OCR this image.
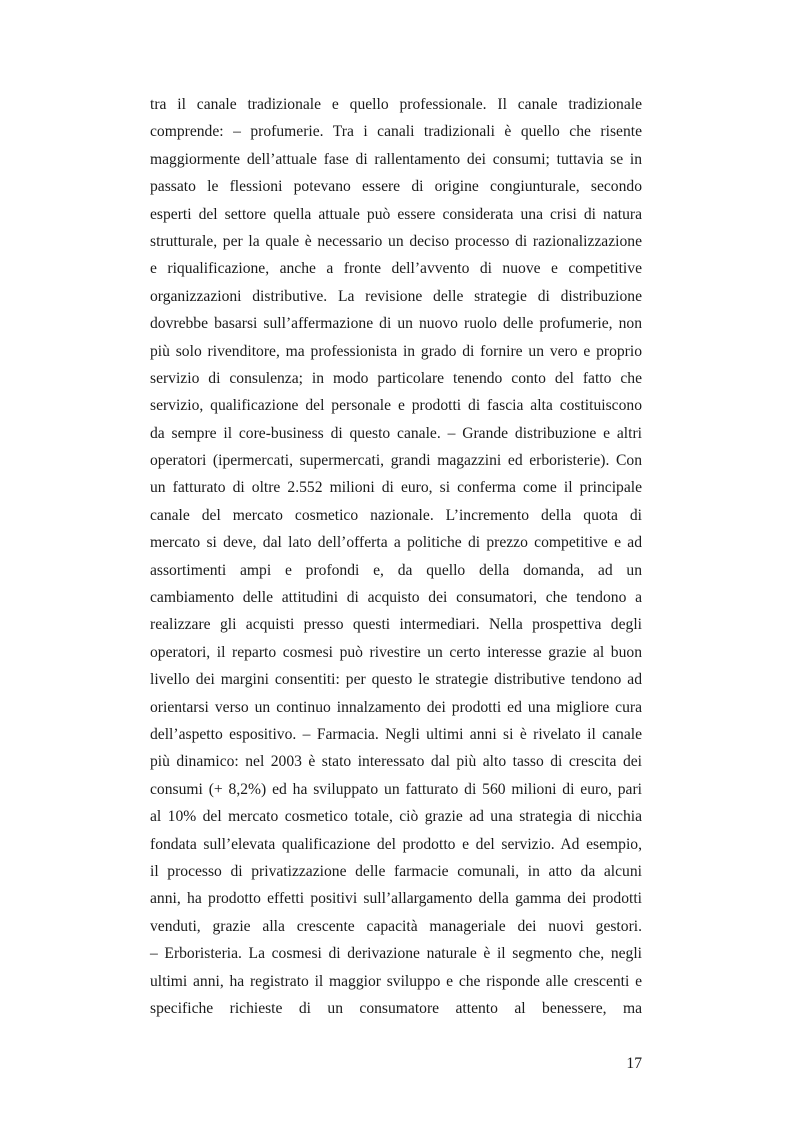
tra il canale tradizionale e quello professionale. Il canale tradizionale
comprende: – profumerie. Tra i canali tradizionali è quello che risente
maggiormente dell’attuale fase di rallentamento dei consumi; tuttavia se in
passato le flessioni potevano essere di origine congiunturale, secondo
esperti del settore quella attuale può essere considerata una crisi di natura
strutturale, per la quale è necessario un deciso processo di razionalizzazione
e riqualificazione, anche a fronte dell’avvento di nuove e competitive
organizzazioni distributive. La revisione delle strategie di distribuzione
dovrebbe basarsi sull’affermazione di un nuovo ruolo delle profumerie, non
più solo rivenditore, ma professionista in grado di fornire un vero e proprio
servizio di consulenza; in modo particolare tenendo conto del fatto che
servizio, qualificazione del personale e prodotti di fascia alta costituiscono
da sempre il core-business di questo canale. – Grande distribuzione e altri
operatori (ipermercati, supermercati, grandi magazzini ed erboristerie). Con
un fatturato di oltre 2.552 milioni di euro, si conferma come il principale
canale del mercato cosmetico nazionale. L’incremento della quota di
mercato si deve, dal lato dell’offerta a politiche di prezzo competitive e ad
assortimenti ampi e profondi e, da quello della domanda, ad un
cambiamento delle attitudini di acquisto dei consumatori, che tendono a
realizzare gli acquisti presso questi intermediari. Nella prospettiva degli
operatori, il reparto cosmesi può rivestire un certo interesse grazie al buon
livello dei margini consentiti: per questo le strategie distributive tendono ad
orientarsi verso un continuo innalzamento dei prodotti ed una migliore cura
dell’aspetto espositivo. – Farmacia. Negli ultimi anni si è rivelato il canale
più dinamico: nel 2003 è stato interessato dal più alto tasso di crescita dei
consumi (+ 8,2%) ed ha sviluppato un fatturato di 560 milioni di euro, pari
al 10% del mercato cosmetico totale, ciò grazie ad una strategia di nicchia
fondata sull’elevata qualificazione del prodotto e del servizio. Ad esempio,
il processo di privatizzazione delle farmacie comunali, in atto da alcuni
anni, ha prodotto effetti positivi sull’allargamento della gamma dei prodotti
venduti, grazie alla crescente capacità manageriale dei nuovi gestori.
– Erboristeria. La cosmesi di derivazione naturale è il segmento che, negli
ultimi anni, ha registrato il maggior sviluppo e che risponde alle crescenti e
specifiche richieste di un consumatore attento al benessere, ma
17
